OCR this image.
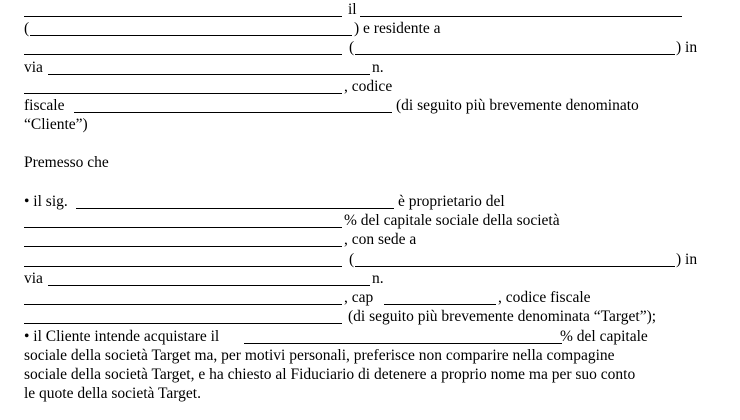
il
(	) e residente a
(	) in
via	n.
, codice
fiscale	(di seguito più brevemente denominato
“Cliente”)
Premesso che
• il sig.	è proprietario del
% del capitale sociale della società
, con sede a
(	) in
via	n.
, cap	, codice fiscale
(di seguito più brevemente denominata “Target”);
• il Cliente intende acquistare il	% del capitale
sociale della società Target ma, per motivi personali, preferisce non comparire nella compagine
sociale della società Target, e ha chiesto al Fiduciario di detenere a proprio nome ma per suo conto
le quote della società Target.
